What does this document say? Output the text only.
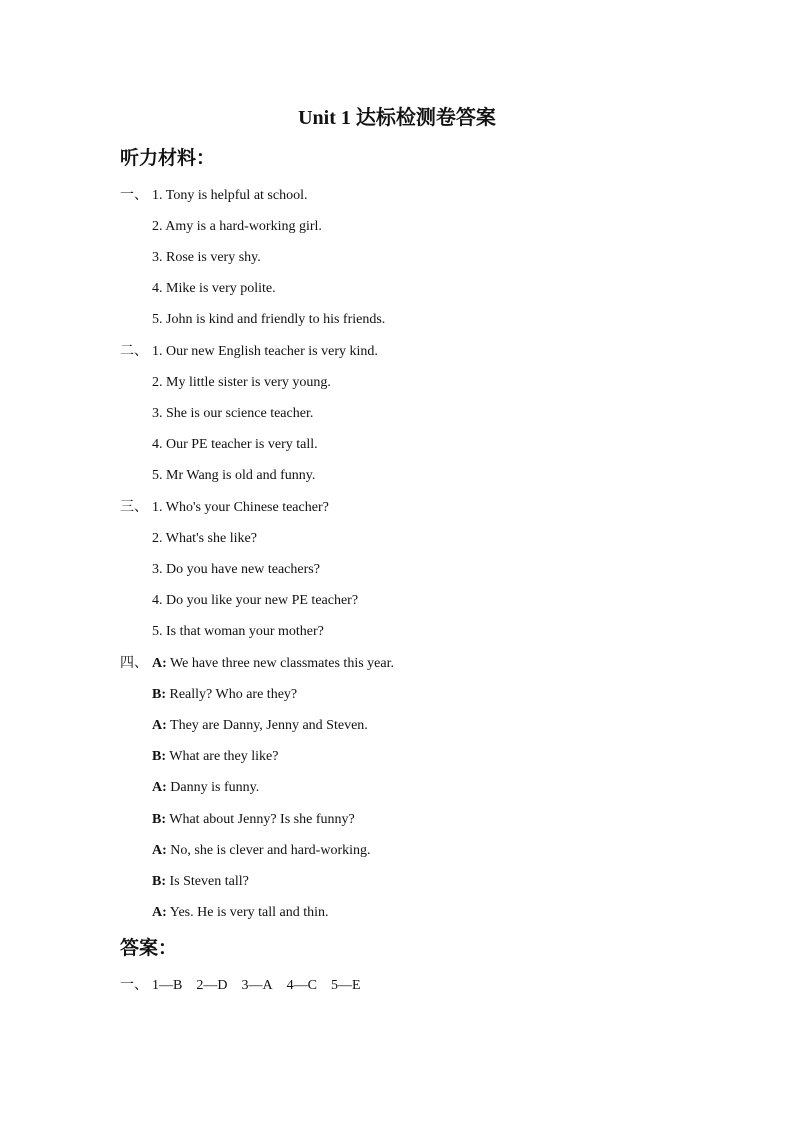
Unit 1 达标检测卷答案
听力材料：
一、 1. Tony is helpful at school.
2. Amy is a hard-working girl.
3. Rose is very shy.
4. Mike is very polite.
5. John is kind and friendly to his friends.
二、 1. Our new English teacher is very kind.
2. My little sister is very young.
3. She is our science teacher.
4. Our PE teacher is very tall.
5. Mr Wang is old and funny.
三、 1. Who's your Chinese teacher?
2. What's she like?
3. Do you have new teachers?
4. Do you like your new PE teacher?
5. Is that woman your mother?
四、 A: We have three new classmates this year.
B: Really? Who are they?
A: They are Danny, Jenny and Steven.
B: What are they like?
A: Danny is funny.
B: What about Jenny? Is she funny?
A: No, she is clever and hard-working.
B: Is Steven tall?
A: Yes. He is very tall and thin.
答案：
一、 1—B 2—D 3—A 4—C 5—E
